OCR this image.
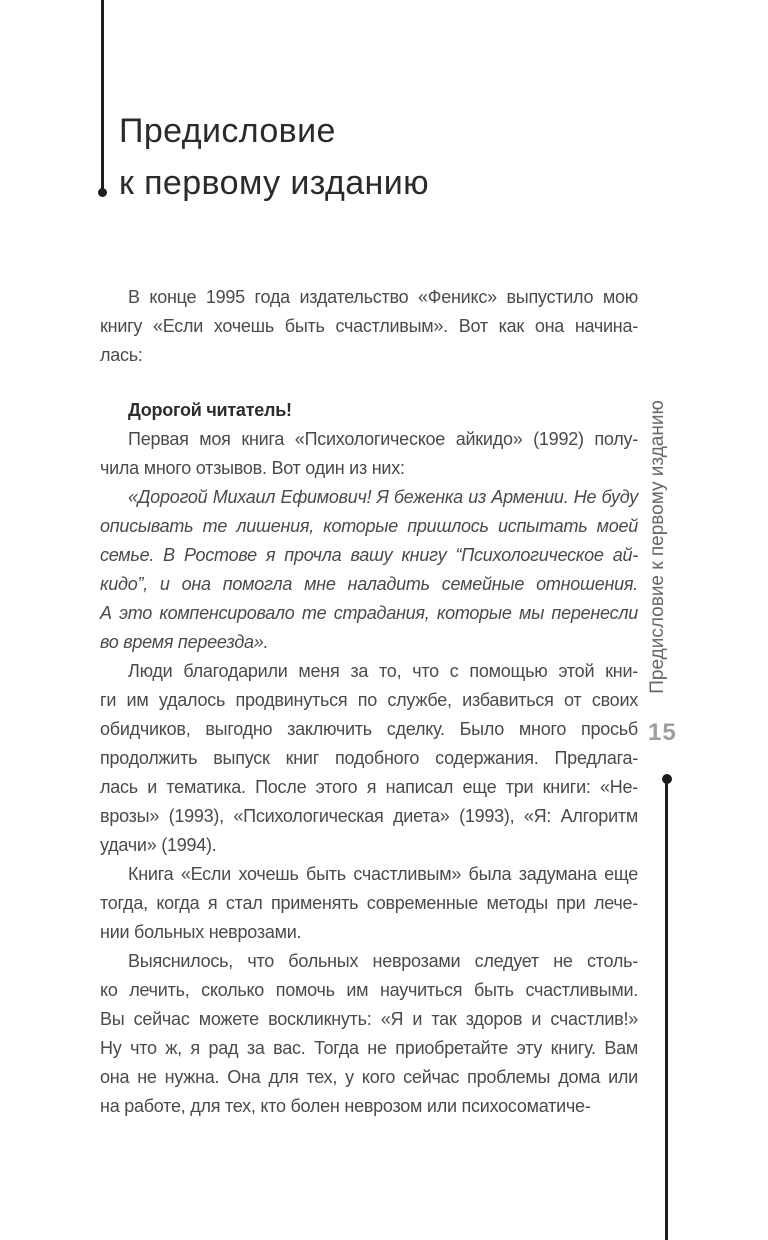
Предисловие
к первому изданию
В конце 1995 года издательство «Феникс» выпустило мою
книгу «Если хочешь быть счастливым». Вот как она начина-
лась:
Дорогой читатель!
Первая моя книга «Психологическое айкидо» (1992) полу-
чила много отзывов. Вот один из них:
«Дорогой Михаил Ефимович! Я беженка из Армении. Не буду
описывать те лишения, которые пришлось испытать моей
семье. В Ростове я прочла вашу книгу “Психологическое ай-
кидо”, и она помогла мне наладить семейные отношения.
А это компенсировало те страдания, которые мы перенесли
во время переезда».
Люди благодарили меня за то, что с помощью этой кни-
ги им удалось продвинуться по службе, избавиться от своих
обидчиков, выгодно заключить сделку. Было много просьб
продолжить выпуск книг подобного содержания. Предлага-
лась и тематика. После этого я написал еще три книги: «Не-
врозы» (1993), «Психологическая диета» (1993), «Я: Алгоритм
удачи» (1994).
Книга «Если хочешь быть счастливым» была задумана еще
тогда, когда я стал применять современные методы при лече-
нии больных неврозами.
Выяснилось, что больных неврозами следует не столь-
ко лечить, сколько помочь им научиться быть счастливыми.
Вы сейчас можете воскликнуть: «Я и так здоров и счастлив!»
Ну что ж, я рад за вас. Тогда не приобретайте эту книгу. Вам
она не нужна. Она для тех, у кого сейчас проблемы дома или
на работе, для тех, кто болен неврозом или психосоматиче-
Предисловие к первому изданию
15
